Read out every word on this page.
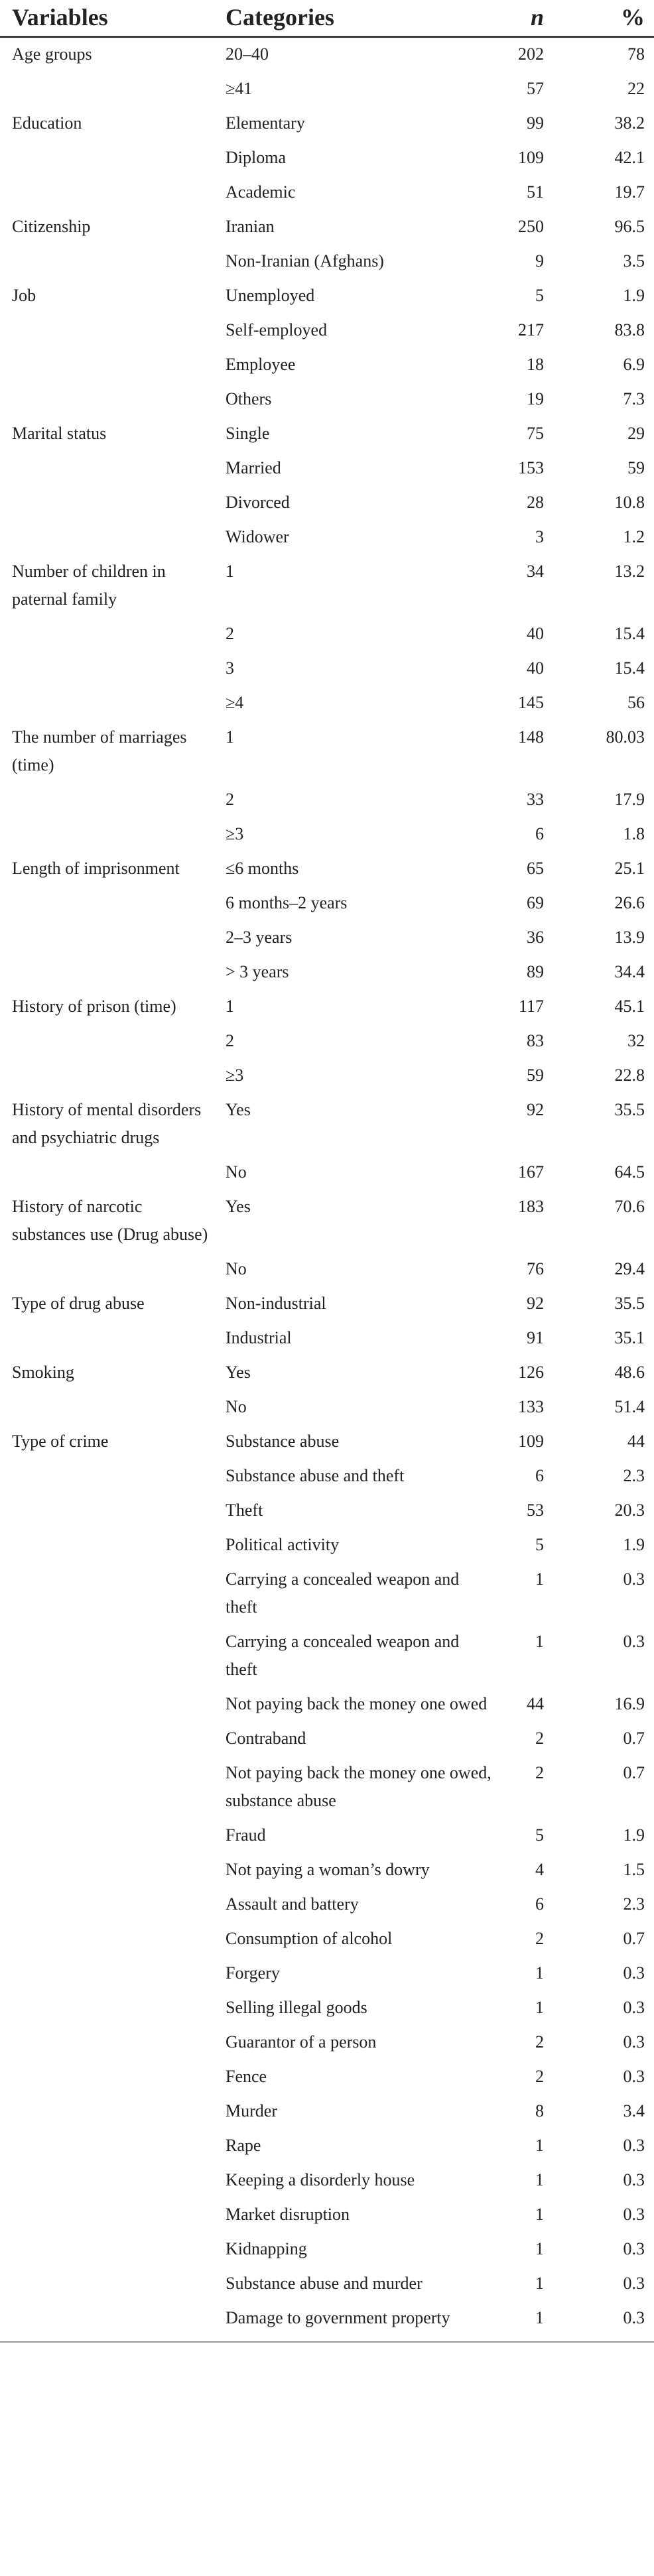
Variables	Categories	n	%
Age groups	20–40	202	78
	≥41	57	22
Education	Elementary	99	38.2
	Diploma	109	42.1
	Academic	51	19.7
Citizenship	Iranian	250	96.5
	Non-Iranian (Afghans)	9	3.5
Job	Unemployed	5	1.9
	Self-employed	217	83.8
	Employee	18	6.9
	Others	19	7.3
Marital status	Single	75	29
	Married	153	59
	Divorced	28	10.8
	Widower	3	1.2
Number of children in paternal family	1	34	13.2
	2	40	15.4
	3	40	15.4
	≥4	145	56
The number of marriages (time)	1	148	80.03
	2	33	17.9
	≥3	6	1.8
Length of imprisonment	≤6 months	65	25.1
	6 months–2 years	69	26.6
	2–3 years	36	13.9
	> 3 years	89	34.4
History of prison (time)	1	117	45.1
	2	83	32
	≥3	59	22.8
History of mental disorders and psychiatric drugs	Yes	92	35.5
	No	167	64.5
History of narcotic substances use (Drug abuse)	Yes	183	70.6
	No	76	29.4
Type of drug abuse	Non-industrial	92	35.5
	Industrial	91	35.1
Smoking	Yes	126	48.6
	No	133	51.4
Type of crime	Substance abuse	109	44
	Substance abuse and theft	6	2.3
	Theft	53	20.3
	Political activity	5	1.9
	Carrying a concealed weapon and theft	1	0.3
	Carrying a concealed weapon and theft	1	0.3
	Not paying back the money one owed	44	16.9
	Contraband	2	0.7
	Not paying back the money one owed, substance abuse	2	0.7
	Fraud	5	1.9
	Not paying a woman’s dowry	4	1.5
	Assault and battery	6	2.3
	Consumption of alcohol	2	0.7
	Forgery	1	0.3
	Selling illegal goods	1	0.3
	Guarantor of a person	2	0.3
	Fence	2	0.3
	Murder	8	3.4
	Rape	1	0.3
	Keeping a disorderly house	1	0.3
	Market disruption	1	0.3
	Kidnapping	1	0.3
	Substance abuse and murder	1	0.3
	Damage to government property	1	0.3
